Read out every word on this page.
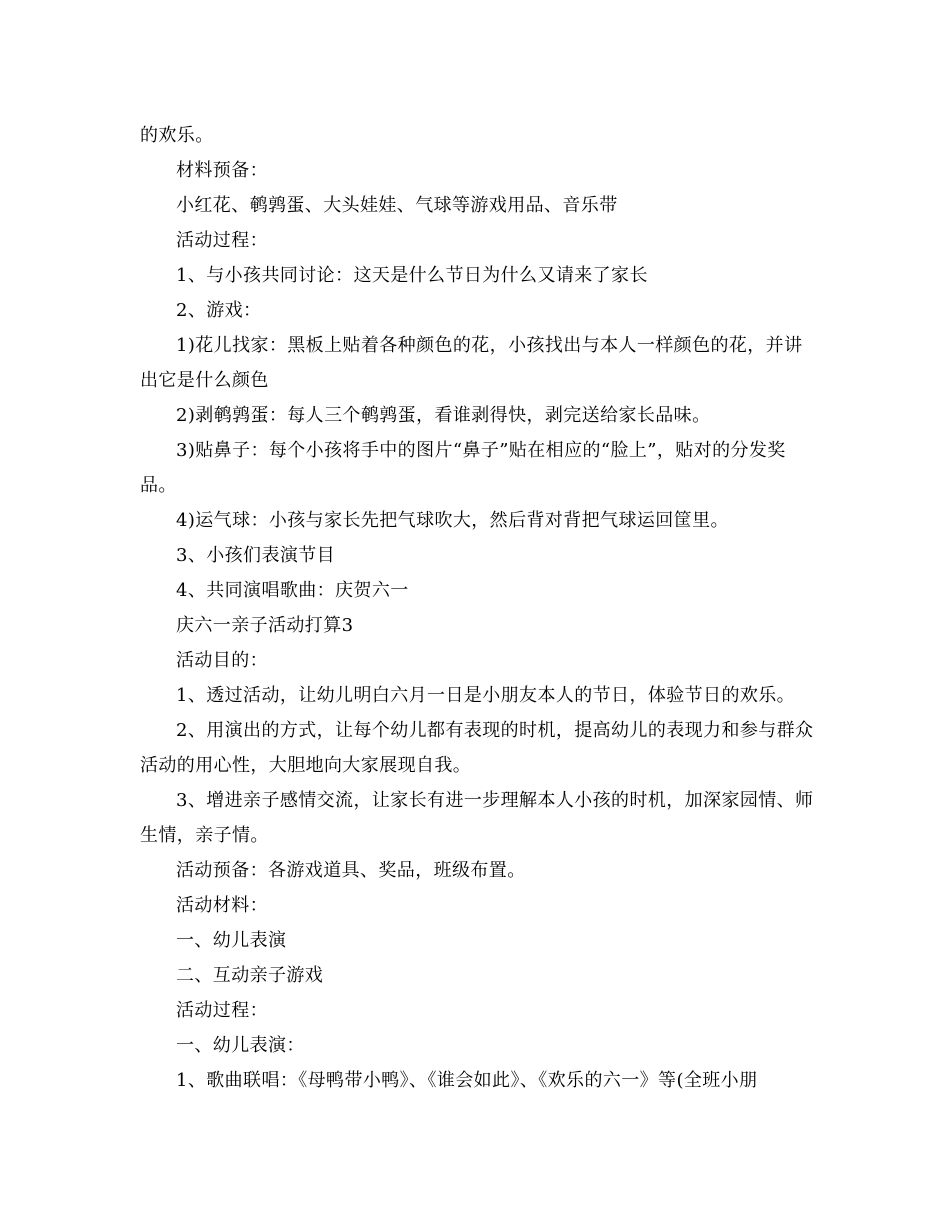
的欢乐。

材料预备：

小红花、鹌鹑蛋、大头娃娃、气球等游戏用品、音乐带

活动过程：

1、与小孩共同讨论：这天是什么节日为什么又请来了家长

2、游戏：

1)花儿找家：黑板上贴着各种颜色的花，小孩找出与本人一样颜色的花，并讲出它是什么颜色

2)剥鹌鹑蛋：每人三个鹌鹑蛋，看谁剥得快，剥完送给家长品味。

3)贴鼻子：每个小孩将手中的图片“鼻子”贴在相应的“脸上”，贴对的分发奖品。

4)运气球：小孩与家长先把气球吹大，然后背对背把气球运回筐里。

3、小孩们表演节目

4、共同演唱歌曲：庆贺六一

庆六一亲子活动打算3

活动目的：

1、透过活动，让幼儿明白六月一日是小朋友本人的节日，体验节日的欢乐。

2、用演出的方式，让每个幼儿都有表现的时机，提高幼儿的表现力和参与群众活动的用心性，大胆地向大家展现自我。

3、增进亲子感情交流，让家长有进一步理解本人小孩的时机，加深家园情、师生情，亲子情。

活动预备：各游戏道具、奖品，班级布置。

活动材料：

一、幼儿表演

二、互动亲子游戏

活动过程：

一、幼儿表演：

1、歌曲联唱：《母鸭带小鸭》、《谁会如此》、《欢乐的六一》等(全班小朋
